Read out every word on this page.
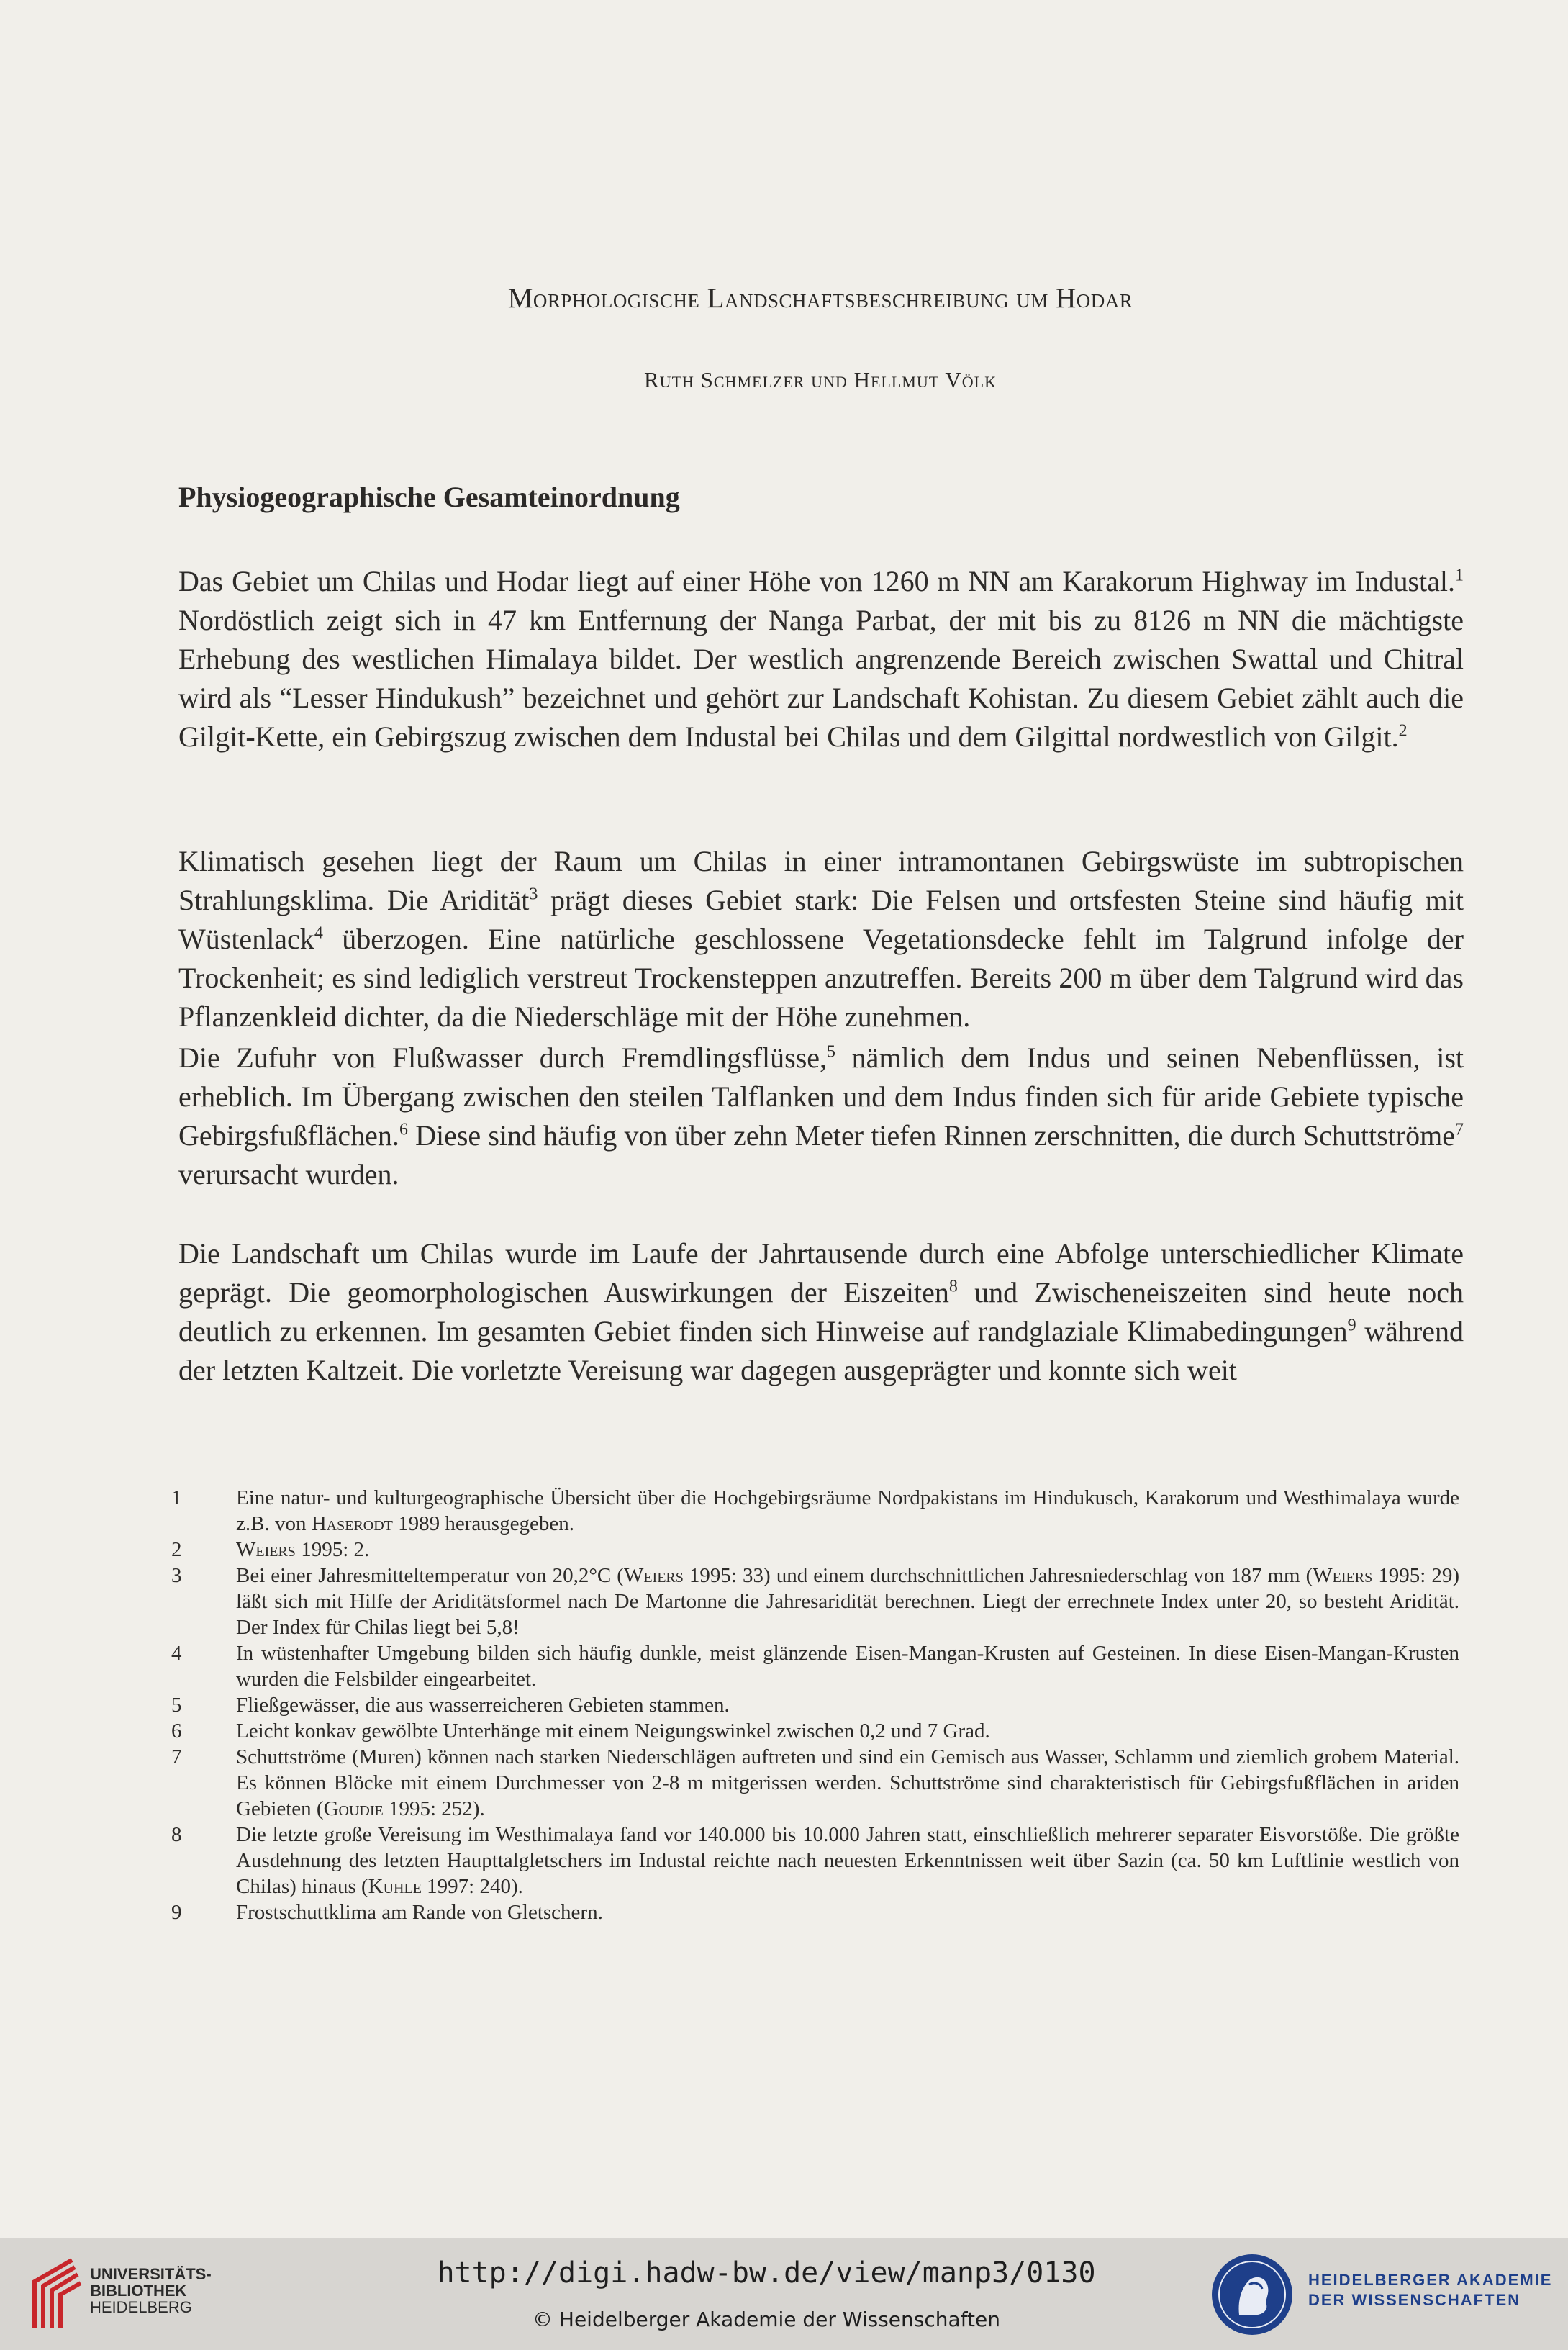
Morphologische Landschaftsbeschreibung um Hodar
Ruth Schmelzer und Hellmut Völk
Physiogeographische Gesamteinordnung

Das Gebiet um Chilas und Hodar liegt auf einer Höhe von 1260 m NN am Karakorum Highway im Industal.$^1$ Nordöstlich zeigt sich in 47 km Entfernung der Nanga Parbat, der mit bis zu 8126 m NN die mächtigste Erhebung des westlichen Himalaya bildet. Der westlich angrenzende Bereich zwischen Swattal und Chitral wird als “Lesser Hindukush” bezeichnet und gehört zur Landschaft Kohistan. Zu diesem Gebiet zählt auch die Gilgit-Kette, ein Gebirgszug zwischen dem Industal bei Chilas und dem Gilgittal nordwestlich von Gilgit.$^2$

Klimatisch gesehen liegt der Raum um Chilas in einer intramontanen Gebirgswüste im subtropischen Strahlungsklima. Die Aridität$^3$ prägt dieses Gebiet stark: Die Felsen und ortsfesten Steine sind häufig mit Wüstenlack$^4$ überzogen. Eine natürliche geschlossene Vegetationsdecke fehlt im Talgrund infolge der Trockenheit; es sind lediglich verstreut Trockensteppen anzutreffen. Bereits 200 m über dem Talgrund wird das Pflanzenkleid dichter, da die Niederschläge mit der Höhe zunehmen.

Die Zufuhr von Flußwasser durch Fremdlingsflüsse,$^5$ nämlich dem Indus und seinen Nebenflüssen, ist erheblich. Im Übergang zwischen den steilen Talflanken und dem Indus finden sich für aride Gebiete typische Gebirgsfußflächen.$^6$ Diese sind häufig von über zehn Meter tiefen Rinnen zerschnitten, die durch Schuttströme$^7$ verursacht wurden.

Die Landschaft um Chilas wurde im Laufe der Jahrtausende durch eine Abfolge unterschiedlicher Klimate geprägt. Die geomorphologischen Auswirkungen der Eiszeiten$^8$ und Zwischeneiszeiten sind heute noch deutlich zu erkennen. Im gesamten Gebiet finden sich Hinweise auf randglaziale Klimabedingungen$^9$ während der letzten Kaltzeit. Die vorletzte Vereisung war dagegen ausgeprägter und konnte sich weit

1	Eine natur- und kulturgeographische Übersicht über die Hochgebirgsräume Nordpakistans im Hindukusch, Karakorum und Westhimalaya wurde z.B. von Haserodt 1989 herausgegeben.
2	Weiers 1995: 2.
3	Bei einer Jahresmitteltemperatur von 20,2°C (Weiers 1995: 33) und einem durchschnittlichen Jahresniederschlag von 187 mm (Weiers 1995: 29) läßt sich mit Hilfe der Ariditätsformel nach De Martonne die Jahresaridität berechnen. Liegt der errechnete Index unter 20, so besteht Aridität. Der Index für Chilas liegt bei 5,8!
4	In wüstenhafter Umgebung bilden sich häufig dunkle, meist glänzende Eisen-Mangan-Krusten auf Gesteinen. In diese Eisen-Mangan-Krusten wurden die Felsbilder eingearbeitet.
5	Fließgewässer, die aus wasserreicheren Gebieten stammen.
6	Leicht konkav gewölbte Unterhänge mit einem Neigungswinkel zwischen 0,2 und 7 Grad.
7	Schuttströme (Muren) können nach starken Niederschlägen auftreten und sind ein Gemisch aus Wasser, Schlamm und ziemlich grobem Material. Es können Blöcke mit einem Durchmesser von 2-8 m mitgerissen werden. Schuttströme sind charakteristisch für Gebirgsfußflächen in ariden Gebieten (Goudie 1995: 252).
8	Die letzte große Vereisung im Westhimalaya fand vor 140.000 bis 10.000 Jahren statt, einschließlich mehrerer separater Eisvorstöße. Die größte Ausdehnung des letzten Haupttalgletschers im Industal reichte nach neuesten Erkenntnissen weit über Sazin (ca. 50 km Luftlinie westlich von Chilas) hinaus (Kuhle 1997: 240).
9	Frostschuttklima am Rande von Gletschern.
UNIVERSITÄTS-
BIBLIOTHEK
HEIDELBERG
http://digi.hadw-bw.de/view/manp3/0130
© Heidelberger Akademie der Wissenschaften
HEIDELBERGER AKADEMIE
DER WISSENSCHAFTEN
